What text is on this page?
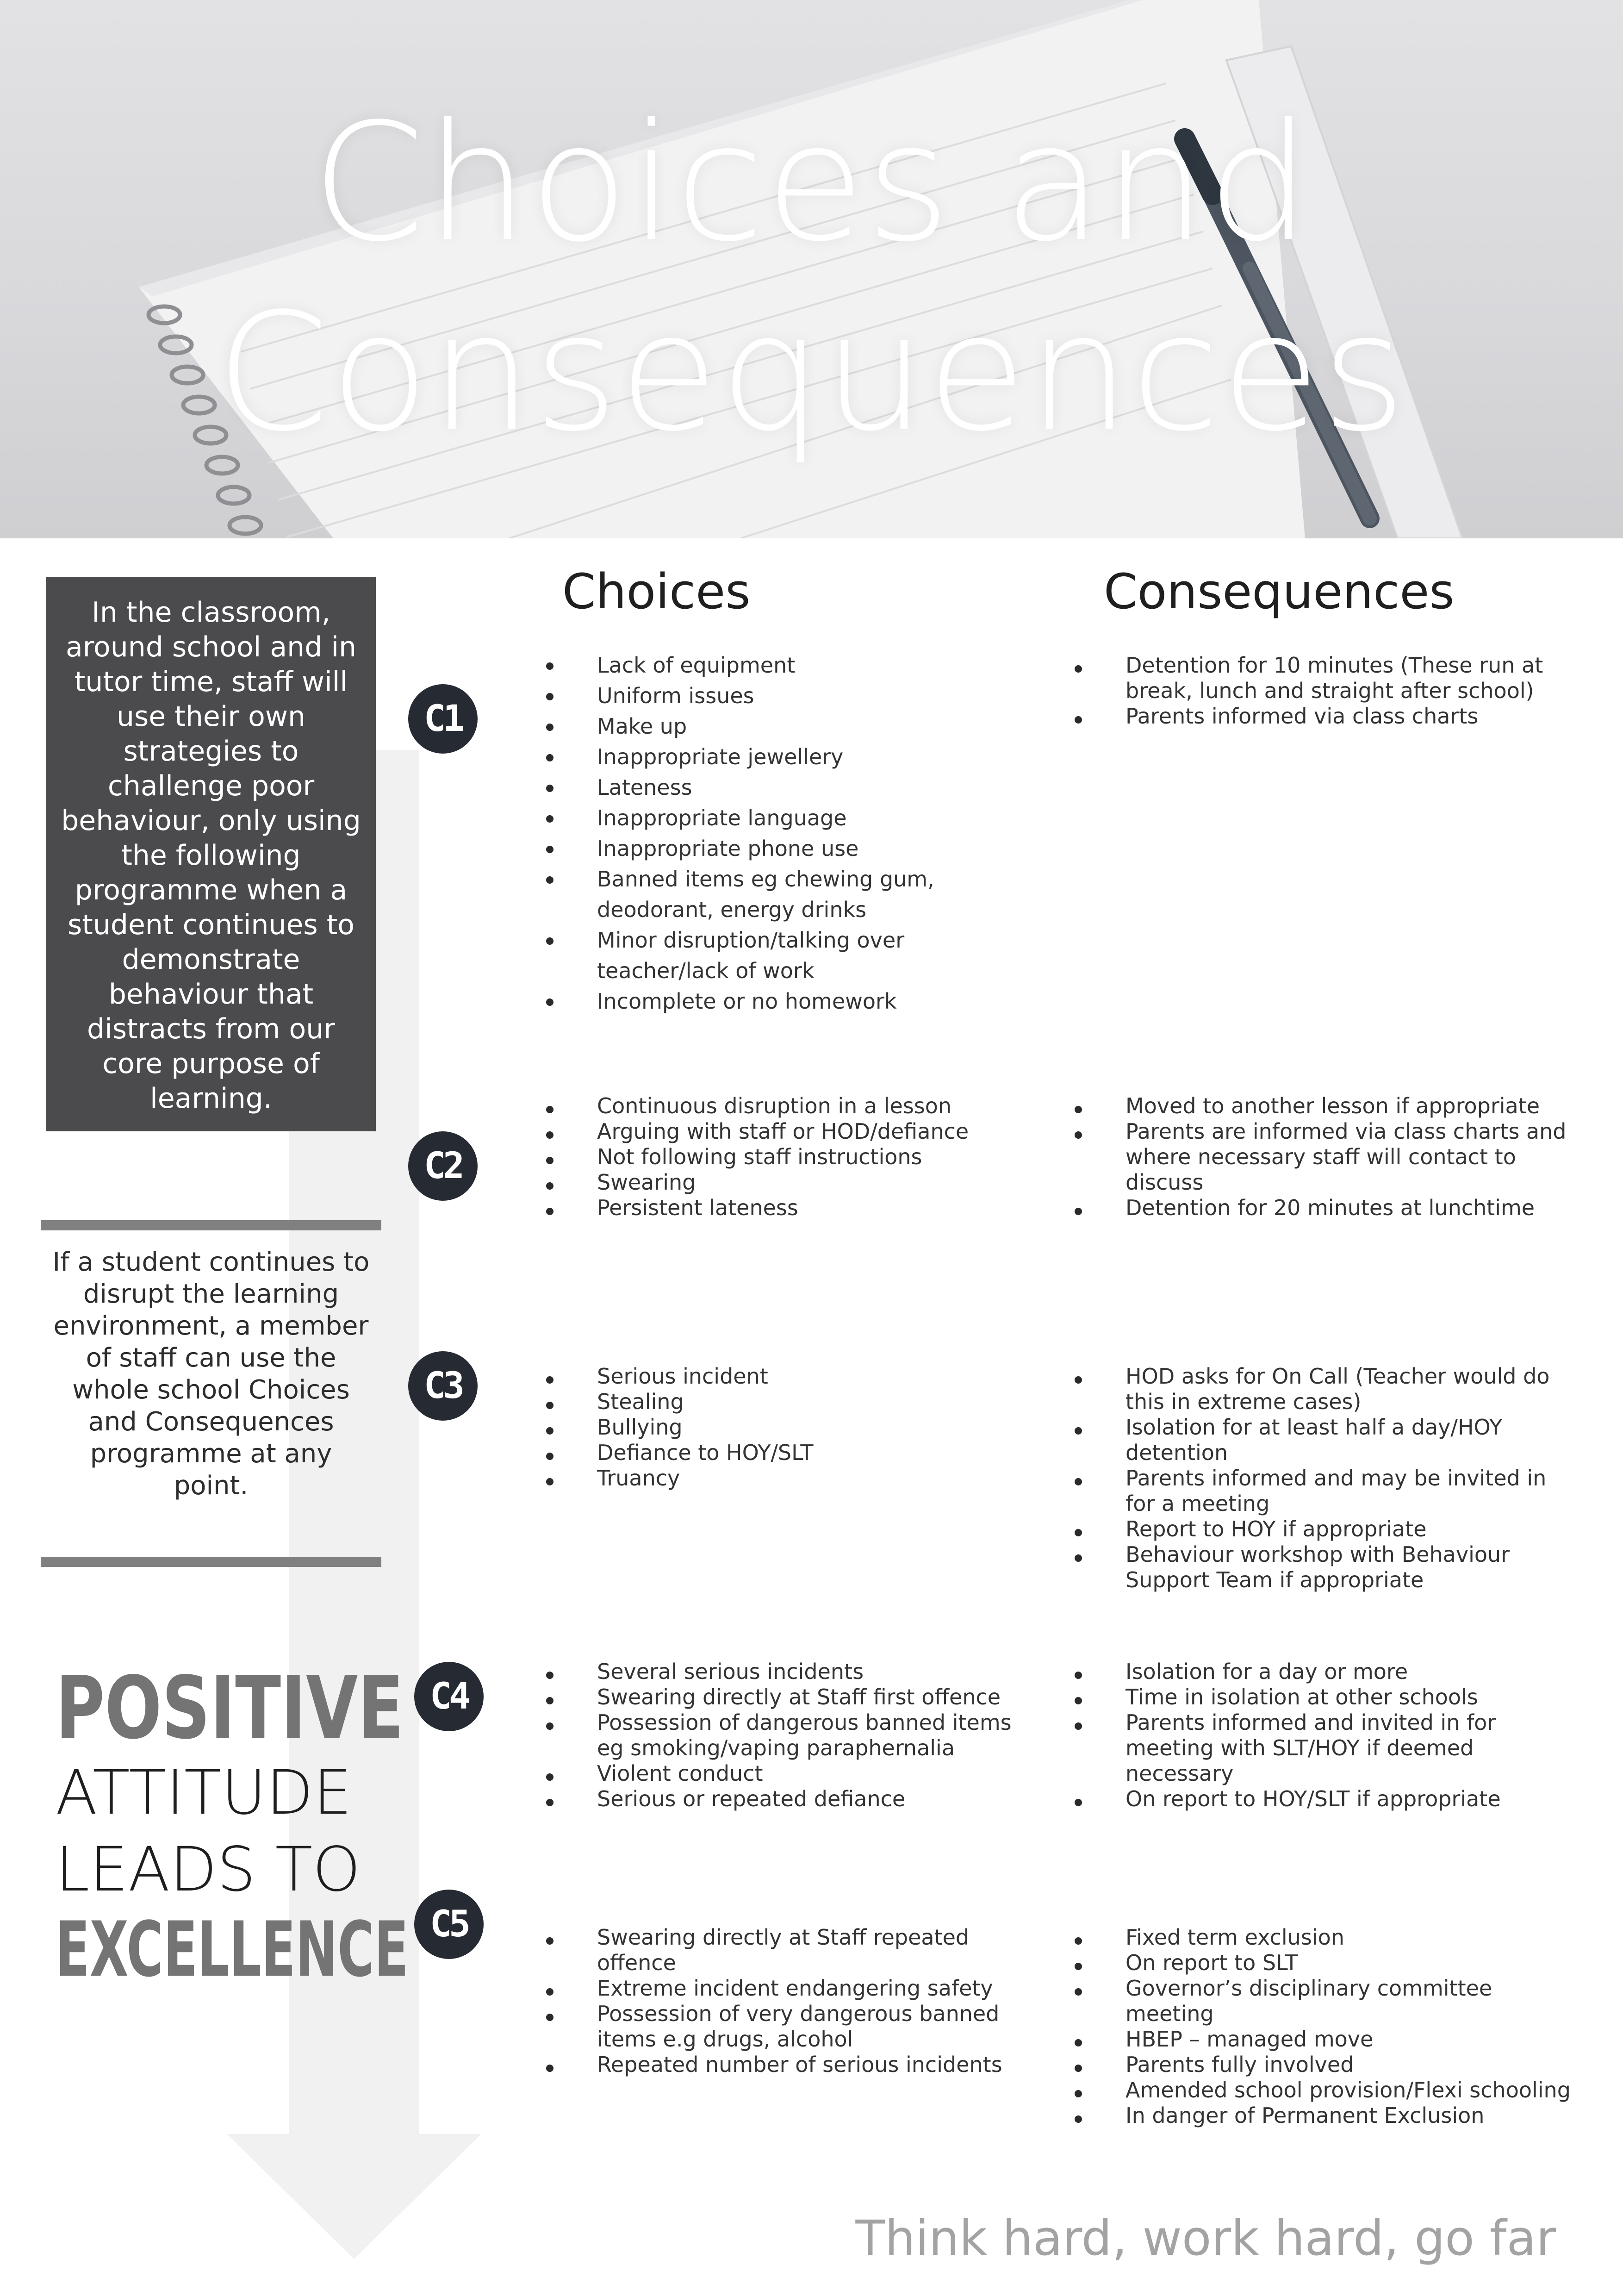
Choices and
Consequences
In the classroom, around school and in tutor time, staff will use their own strategies to challenge poor behaviour, only using the following programme when a student continues to demonstrate behaviour that distracts from our core purpose of learning.
If a student continues to disrupt the learning environment, a member of staff can use the whole school Choices and Consequences programme at any point.
POSITIVE
ATTITUDE
LEADS TO
EXCELLENCE
Choices	Consequences
C1
C2
C3
C4
C5
Lack of equipment
Uniform issues
Make up
Inappropriate jewellery
Lateness
Inappropriate language
Inappropriate phone use
Banned items eg chewing gum, deodorant, energy drinks
Minor disruption/talking over teacher/lack of work
Incomplete or no homework
Detention for 10 minutes (These run at break, lunch and straight after school)
Parents informed via class charts
Continuous disruption in a lesson
Arguing with staff or HOD/defiance
Not following staff instructions
Swearing
Persistent lateness
Moved to another lesson if appropriate
Parents are informed via class charts and where necessary staff will contact to discuss
Detention for 20 minutes at lunchtime
Serious incident
Stealing
Bullying
Defiance to HOY/SLT
Truancy
HOD asks for On Call (Teacher would do this in extreme cases)
Isolation for at least half a day/HOY detention
Parents informed and may be invited in for a meeting
Report to HOY if appropriate
Behaviour workshop with Behaviour Support Team if appropriate
Several serious incidents
Swearing directly at Staff first offence
Possession of dangerous banned items eg smoking/vaping paraphernalia
Violent conduct
Serious or repeated defiance
Isolation for a day or more
Time in isolation at other schools
Parents informed and invited in for meeting with SLT/HOY if deemed necessary
On report to HOY/SLT if appropriate
Swearing directly at Staff repeated offence
Extreme incident endangering safety
Possession of very dangerous banned items e.g drugs, alcohol
Repeated number of serious incidents
Fixed term exclusion
On report to SLT
Governor’s disciplinary committee meeting
HBEP – managed move
Parents fully involved
Amended school provision/Flexi schooling
In danger of Permanent Exclusion
Think hard, work hard, go far
